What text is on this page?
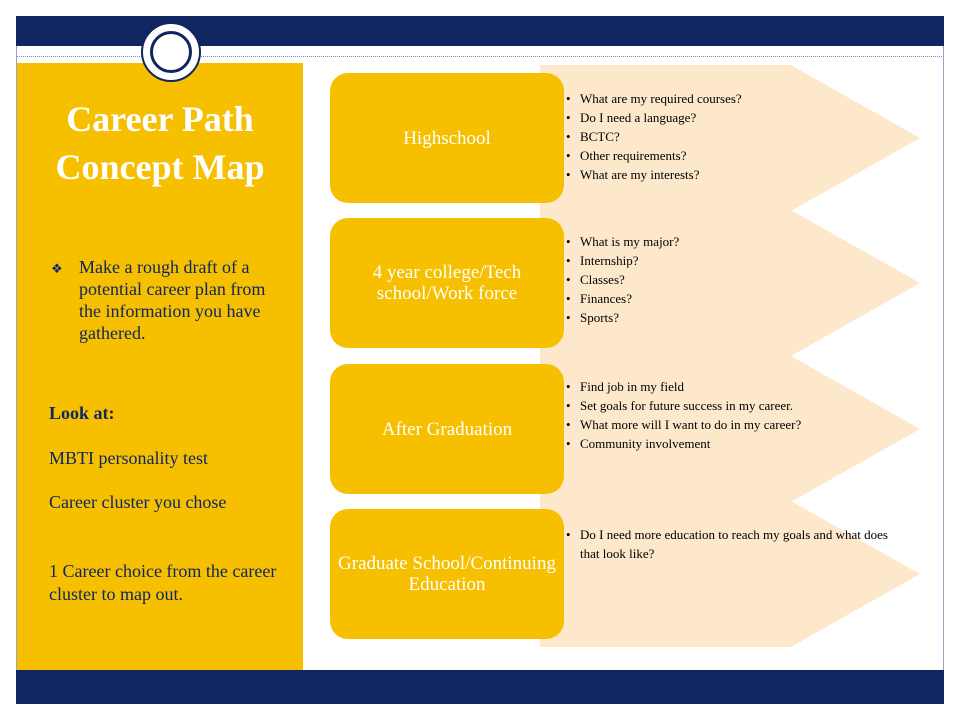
Career Path Concept Map
❖ Make a rough draft of a potential career plan from the information you have gathered.
Look at:
MBTI personality test
Career cluster you chose
1 Career choice from the career cluster to map out.
Highschool
• What are my required courses?
• Do I need a language?
• BCTC?
• Other requirements?
• What are my interests?
4 year college/Tech school/Work force
• What is my major?
• Internship?
• Classes?
• Finances?
• Sports?
After Graduation
• Find job in my field
• Set goals for future success in my career.
• What more will I want to do in my career?
• Community involvement
Graduate School/Continuing Education
• Do I need more education to reach my goals and what does that look like?
